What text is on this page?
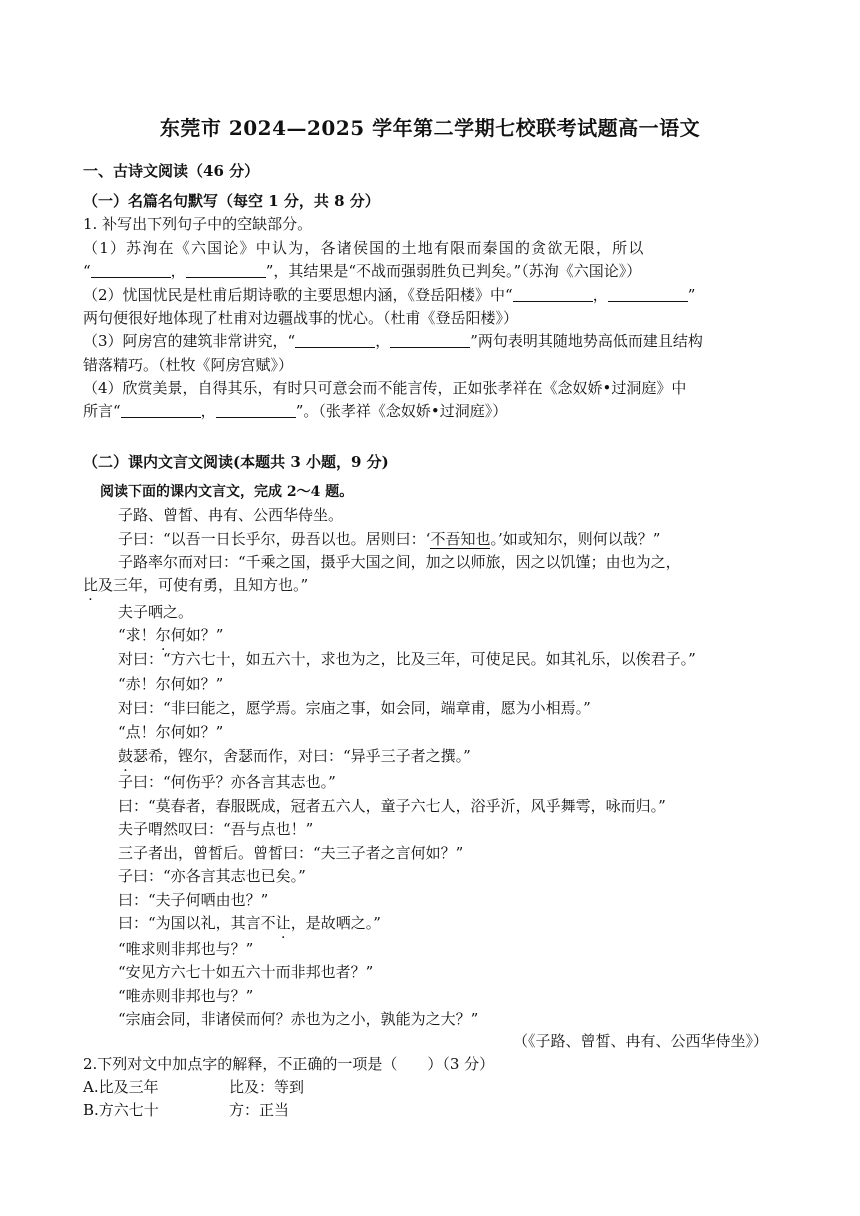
东莞市 2024—2025 学年第二学期七校联考试题高一语文
一、古诗文阅读（46 分）
（一）名篇名句默写（每空 1 分，共 8 分）
1. 补写出下列句子中的空缺部分。
（1）苏洵在《六国论》中认为，各诸侯国的土地有限而秦国的贪欲无限，所以
“	，	”，其结果是“不战而强弱胜负已判矣。”（苏洵《六国论》）
（2）忧国忧民是杜甫后期诗歌的主要思想内涵，《登岳阳楼》中“	，	”
两句便很好地体现了杜甫对边疆战事的忧心。（杜甫《登岳阳楼》）
（3）阿房宫的建筑非常讲究，“	，	”两句表明其随地势高低而建且结构
错落精巧。（杜牧《阿房宫赋》）
（4）欣赏美景，自得其乐，有时只可意会而不能言传，正如张孝祥在《念奴娇•过洞庭》中
所言“	，	”。（张孝祥《念奴娇•过洞庭》）
（二）课内文言文阅读(本题共 3 小题，9 分)
阅读下面的课内文言文，完成 2～4 题。
子路、曾皙、冉有、公西华侍坐。
子曰：“以吾一日长乎尔，毋吾以也。居则曰：‘不吾知也。’如或知尔，则何以哉？”
子路率尔而对曰：“千乘之国，摄乎大国之间，加之以师旅，因之以饥馑；由也为之，
比及三年，可使有勇，且知方也。”
夫子哂之。
“求！尔何如？”
对曰：“方六七十，如五六十，求也为之，比及三年，可使足民。如其礼乐，以俟君子。”
“赤！尔何如？”
对曰：“非曰能之，愿学焉。宗庙之事，如会同，端章甫，愿为小相焉。”
“点！尔何如？”
鼓瑟希，铿尔，舍瑟而作，对曰：“异乎三子者之撰。”
子曰：“何伤乎？亦各言其志也。”
曰：“莫春者，春服既成，冠者五六人，童子六七人，浴乎沂，风乎舞雩，咏而归。”
夫子喟然叹曰：“吾与点也！”
三子者出，曾皙后。曾皙曰：“夫三子者之言何如？”
子曰：“亦各言其志也已矣。”
曰：“夫子何哂由也？”
曰：“为国以礼，其言不让，是故哂之。”
“唯求则非邦也与？”
“安见方六七十如五六十而非邦也者？”
“唯赤则非邦也与？”
“宗庙会同，非诸侯而何？赤也为之小，孰能为之大？”
（《子路、曾皙、冉有、公西华侍坐》）
2.下列对文中加点字的解释，不正确的一项是（　　）（3 分）
A.比及三年	比及：等到
B.方六七十	方：正当
